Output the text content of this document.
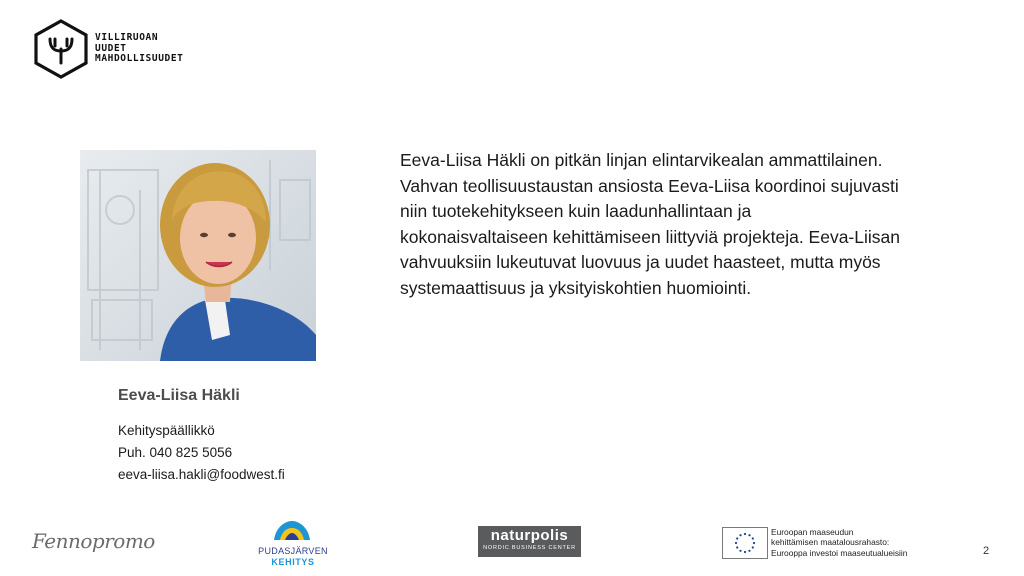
VILLIRUOAN
UUDET
MAHDOLLISUUDET
Eeva-Liisa Häkli on pitkän linjan elintarvikealan ammattilainen. Vahvan teollisuustaustan ansiosta Eeva-Liisa koordinoi sujuvasti niin tuotekehitykseen kuin laadunhallintaan ja kokonaisvaltaiseen kehittämiseen liittyviä projekteja. Eeva-Liisan vahvuuksiin lukeutuvat luovuus ja uudet haasteet, mutta myös systemaattisuus ja yksityiskohtien huomiointi.
Eeva-Liisa Häkli
Kehityspäällikkö
Puh. 040 825 5056
eeva-liisa.hakli@foodwest.fi
Fennopromo	PUDASJÄRVEN
KEHITYS
naturpolis
NORDIC BUSINESS CENTER
Euroopan maaseudun
kehittämisen maatalousrahasto:
Eurooppa investoi maaseutualueisiin	2
